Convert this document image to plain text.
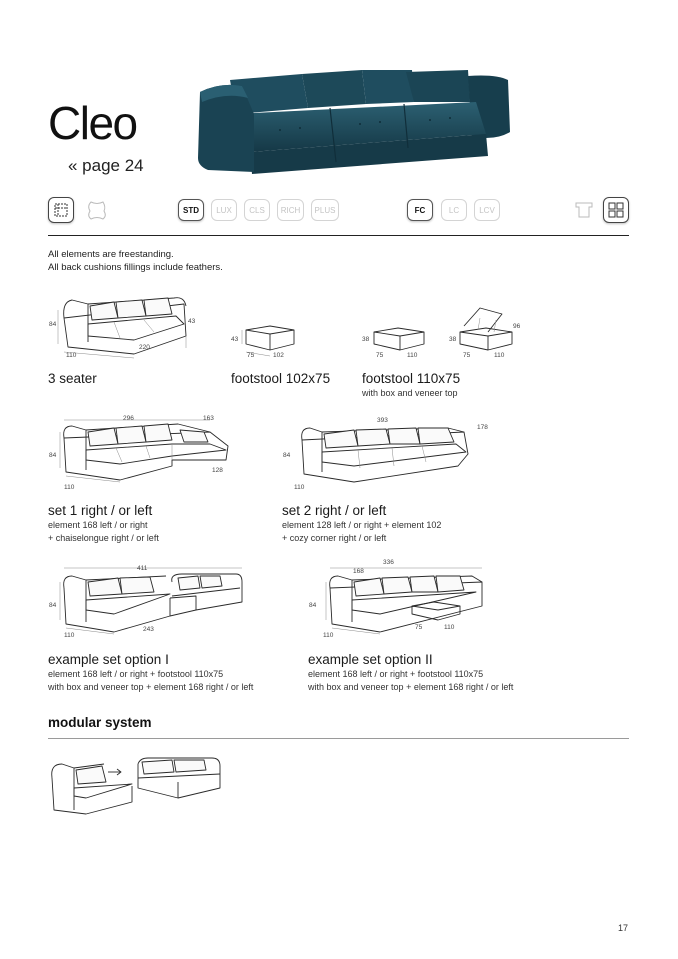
Cleo
« page 24
STD	LUX	CLS	RICH	PLUS	FC	LC	LCV
All elements are freestanding.
All back cushions fillings include feathers.
84
110
220
43
3 seater
43
75	102
footstool 102x75
38
75	110
38
96
75	110
footstool 110x75
with box and veneer top
296	163
84
110
128
set 1 right / or left
element 168 left / or right
+ chaiselongue right / or left
393
178
84
110
set 2 right / or left
element 128 left / or right + element 102
+ cozy corner right / or left
411
84
110
243
example set option I
element 168 left / or right + footstool 110x75
with box and veneer top + element 168 right / or left
336
168
84
110
75	110
example set option II
element 168 left / or right + footstool 110x75
with box and veneer top + element 168 right / or left
modular system
17
